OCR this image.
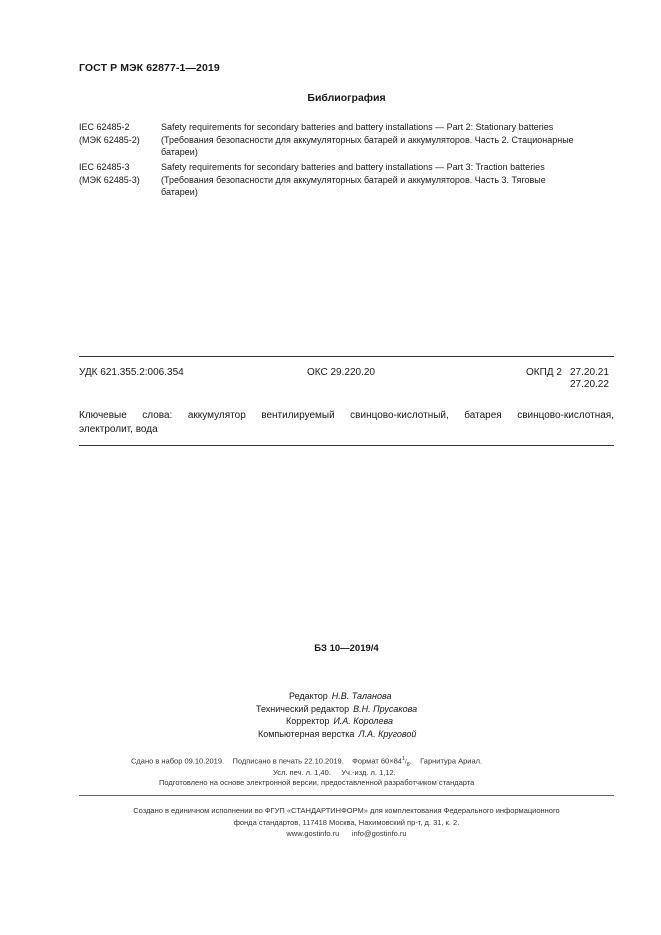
ГОСТ Р МЭК 62877-1—2019
Библиография
IEC 62485-2
(МЭК 62485-2)
Safety requirements for secondary batteries and battery installations — Part 2: Stationary batteries
(Требования безопасности для аккумуляторных батарей и аккумуляторов. Часть 2. Стационарные
батареи)
IEC 62485-3
(МЭК 62485-3)
Safety requirements for secondary batteries and battery installations — Part 3: Traction batteries
(Требования безопасности для аккумуляторных батарей и аккумуляторов. Часть 3. Тяговые
батареи)
УДК 621.355.2:006.354	ОКС 29.220.20	ОКПД 2 27.20.21
27.20.22
Ключевые слова: аккумулятор вентилируемый свинцово-кислотный, батарея свинцово-кислотная,
электролит, вода
БЗ 10—2019/4
Редактор Н.В. Таланова
Технический редактор В.Н. Прусакова
Корректор И.А. Королева
Компьютерная верстка Л.А. Круговой
Сдано в набор 09.10.2019. Подписано в печать 22.10.2019. Формат $60\times 84^1/_8$.    Гарнитура Ариал.
Усл. печ. л. 1,40. Уч.-изд. л. 1,12.
Подготовлено на основе электронной версии, предоставленной разработчиком стандарта
Создано в единичном исполнении во ФГУП «СТАНДАРТИНФОРМ» для комплектования Федерального информационного
фонда стандартов, 117418 Москва, Нахимовский пр-т, д. 31, к. 2.
www.gostinfo.ru info@gostinfo.ru
